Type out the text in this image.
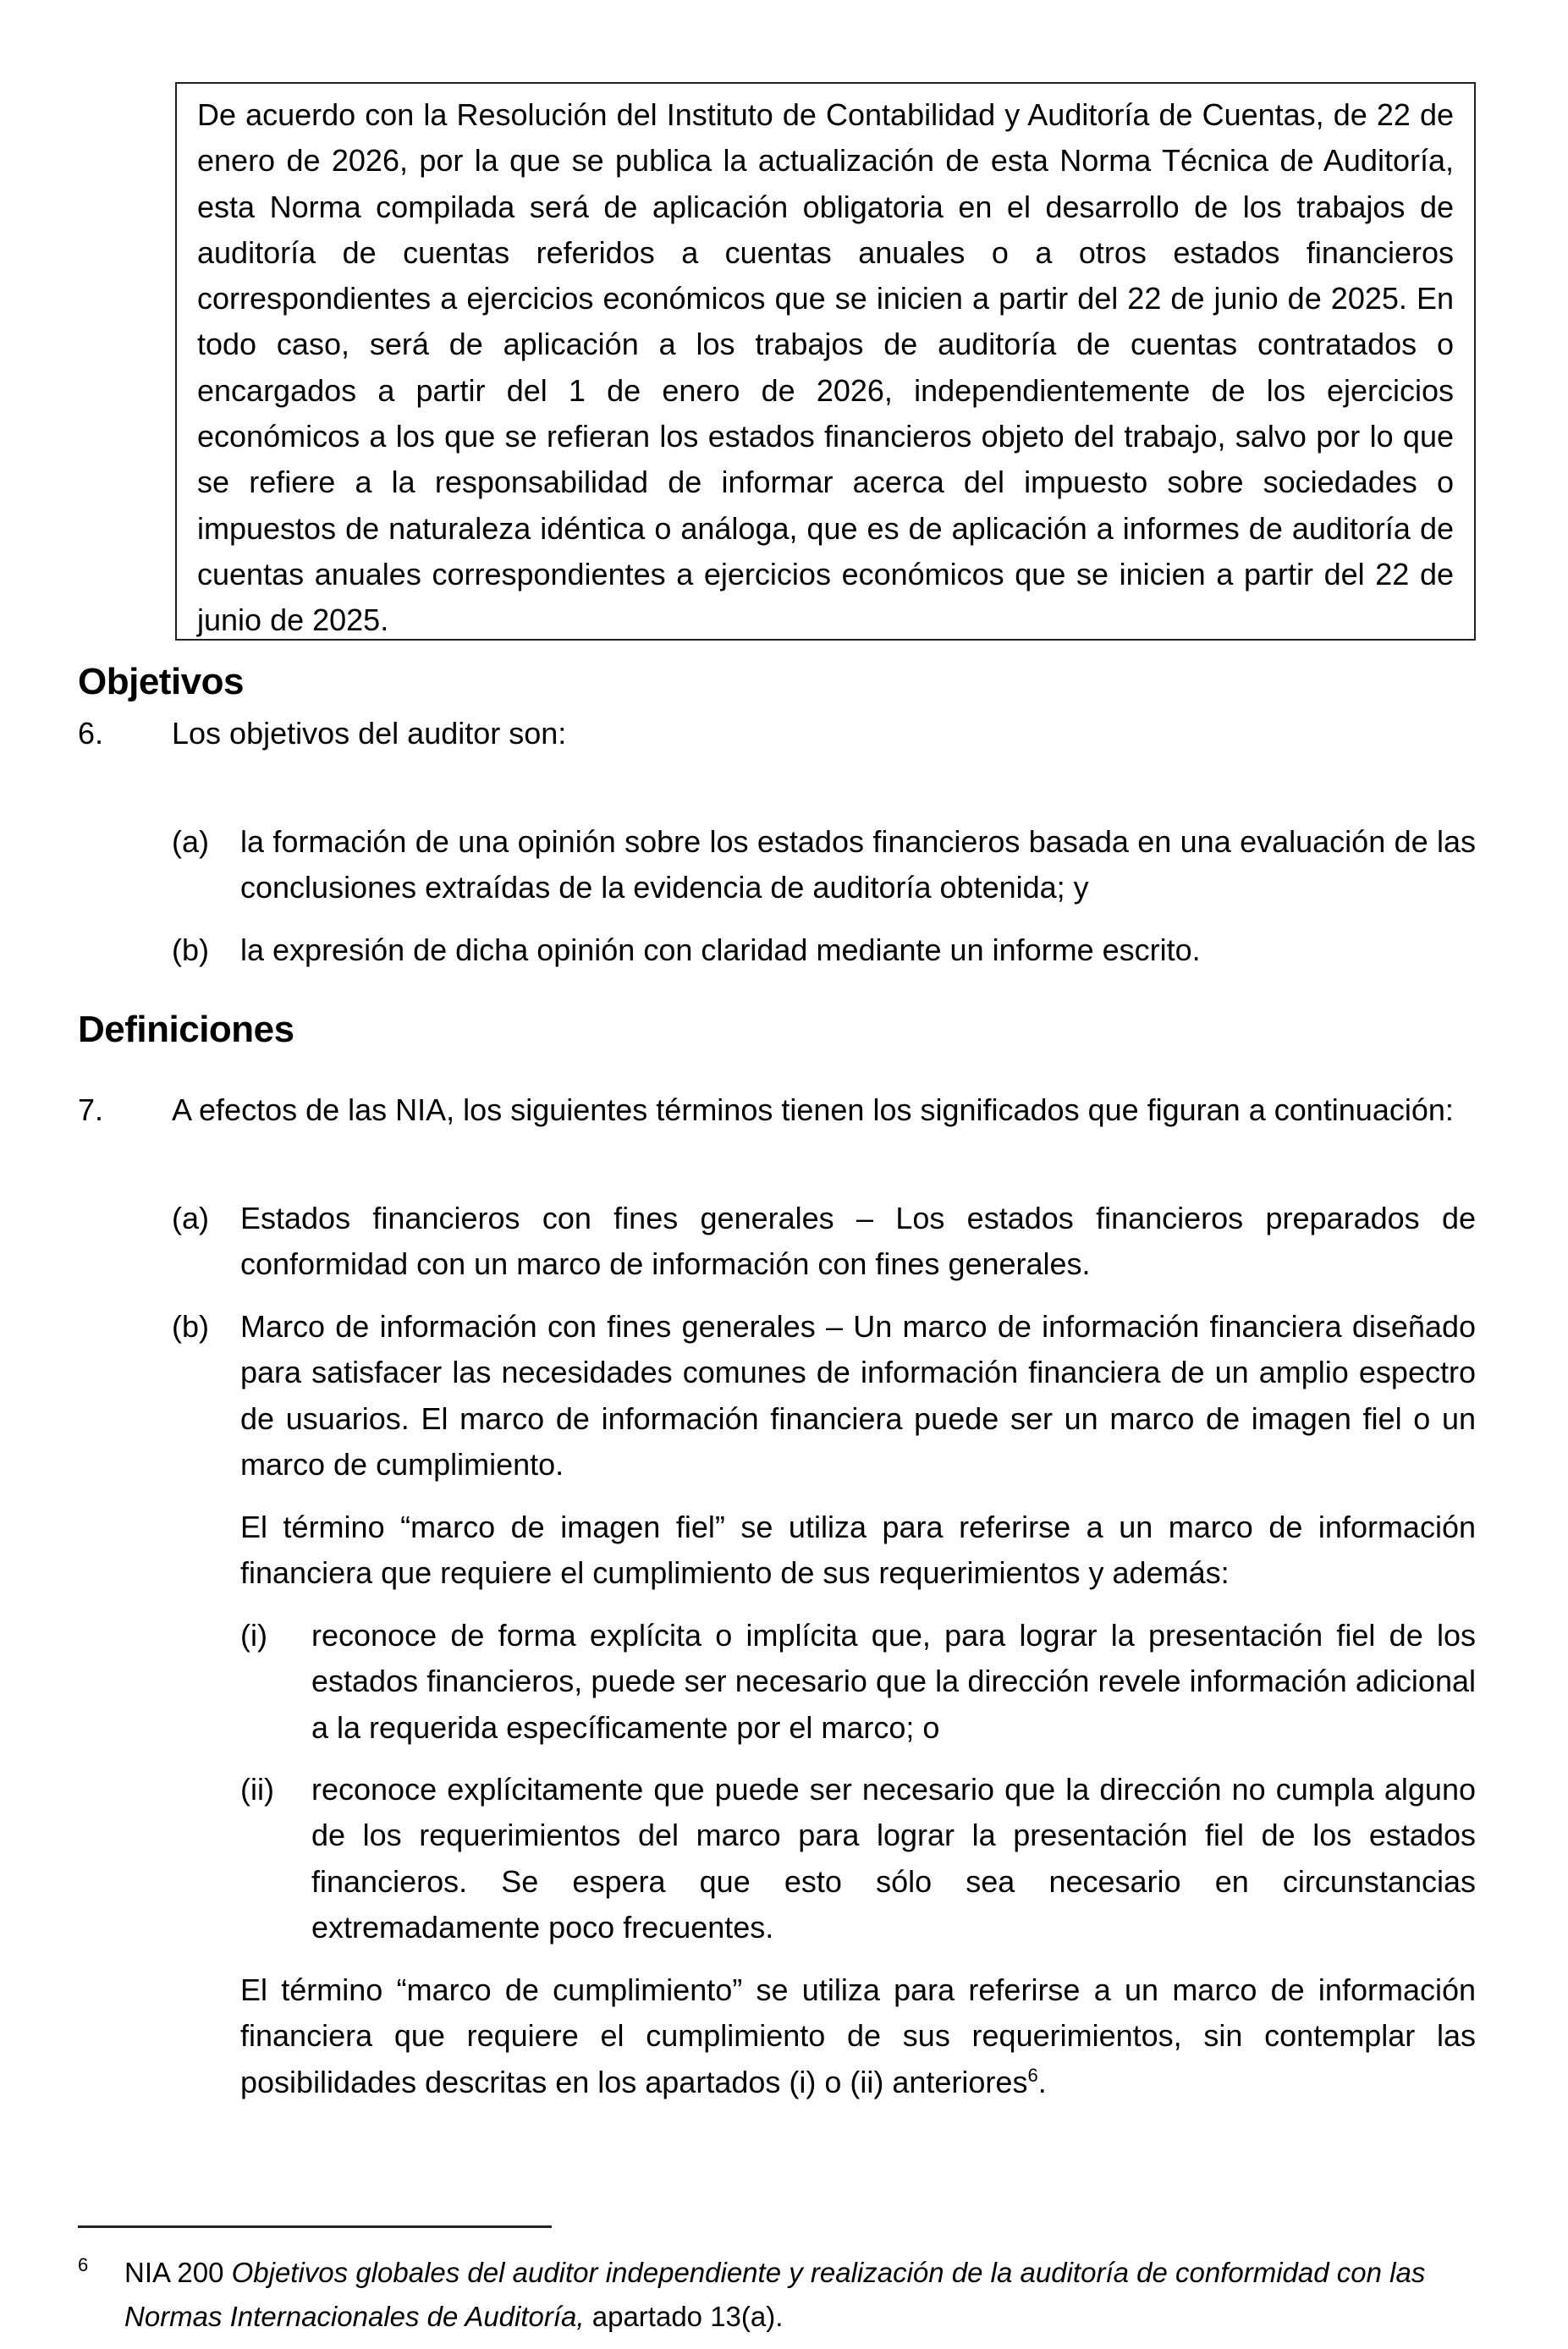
De acuerdo con la Resolución del Instituto de Contabilidad y Auditoría de Cuentas, de 22 de enero de 2026, por la que se publica la actualización de esta Norma Técnica de Auditoría, esta Norma compilada será de aplicación obligatoria en el desarrollo de los trabajos de auditoría de cuentas referidos a cuentas anuales o a otros estados financieros correspondientes a ejercicios económicos que se inicien a partir del 22 de junio de 2025. En todo caso, será de aplicación a los trabajos de auditoría de cuentas contratados o encargados a partir del 1 de enero de 2026, independientemente de los ejercicios económicos a los que se refieran los estados financieros objeto del trabajo, salvo por lo que se refiere a la responsabilidad de informar acerca del impuesto sobre sociedades o impuestos de naturaleza idéntica o análoga, que es de aplicación a informes de auditoría de cuentas anuales correspondientes a ejercicios económicos que se inicien a partir del 22 de junio de 2025.
Objetivos
6. Los objetivos del auditor son:
(a) la formación de una opinión sobre los estados financieros basada en una evaluación de las conclusiones extraídas de la evidencia de auditoría obtenida; y
(b) la expresión de dicha opinión con claridad mediante un informe escrito.
Definiciones
7. A efectos de las NIA, los siguientes términos tienen los significados que figuran a continuación:
(a) Estados financieros con fines generales – Los estados financieros preparados de conformidad con un marco de información con fines generales.
(b) Marco de información con fines generales – Un marco de información financiera diseñado para satisfacer las necesidades comunes de información financiera de un amplio espectro de usuarios. El marco de información financiera puede ser un marco de imagen fiel o un marco de cumplimiento.
El término “marco de imagen fiel” se utiliza para referirse a un marco de información financiera que requiere el cumplimiento de sus requerimientos y además:
(i) reconoce de forma explícita o implícita que, para lograr la presentación fiel de los estados financieros, puede ser necesario que la dirección revele información adicional a la requerida específicamente por el marco; o
(ii) reconoce explícitamente que puede ser necesario que la dirección no cumpla alguno de los requerimientos del marco para lograr la presentación fiel de los estados financieros. Se espera que esto sólo sea necesario en circunstancias extremadamente poco frecuentes.
El término “marco de cumplimiento” se utiliza para referirse a un marco de información financiera que requiere el cumplimiento de sus requerimientos, sin contemplar las posibilidades descritas en los apartados (i) o (ii) anteriores$^6$.
6 NIA 200 Objetivos globales del auditor independiente y realización de la auditoría de conformidad con las Normas Internacionales de Auditoría, apartado 13(a).
